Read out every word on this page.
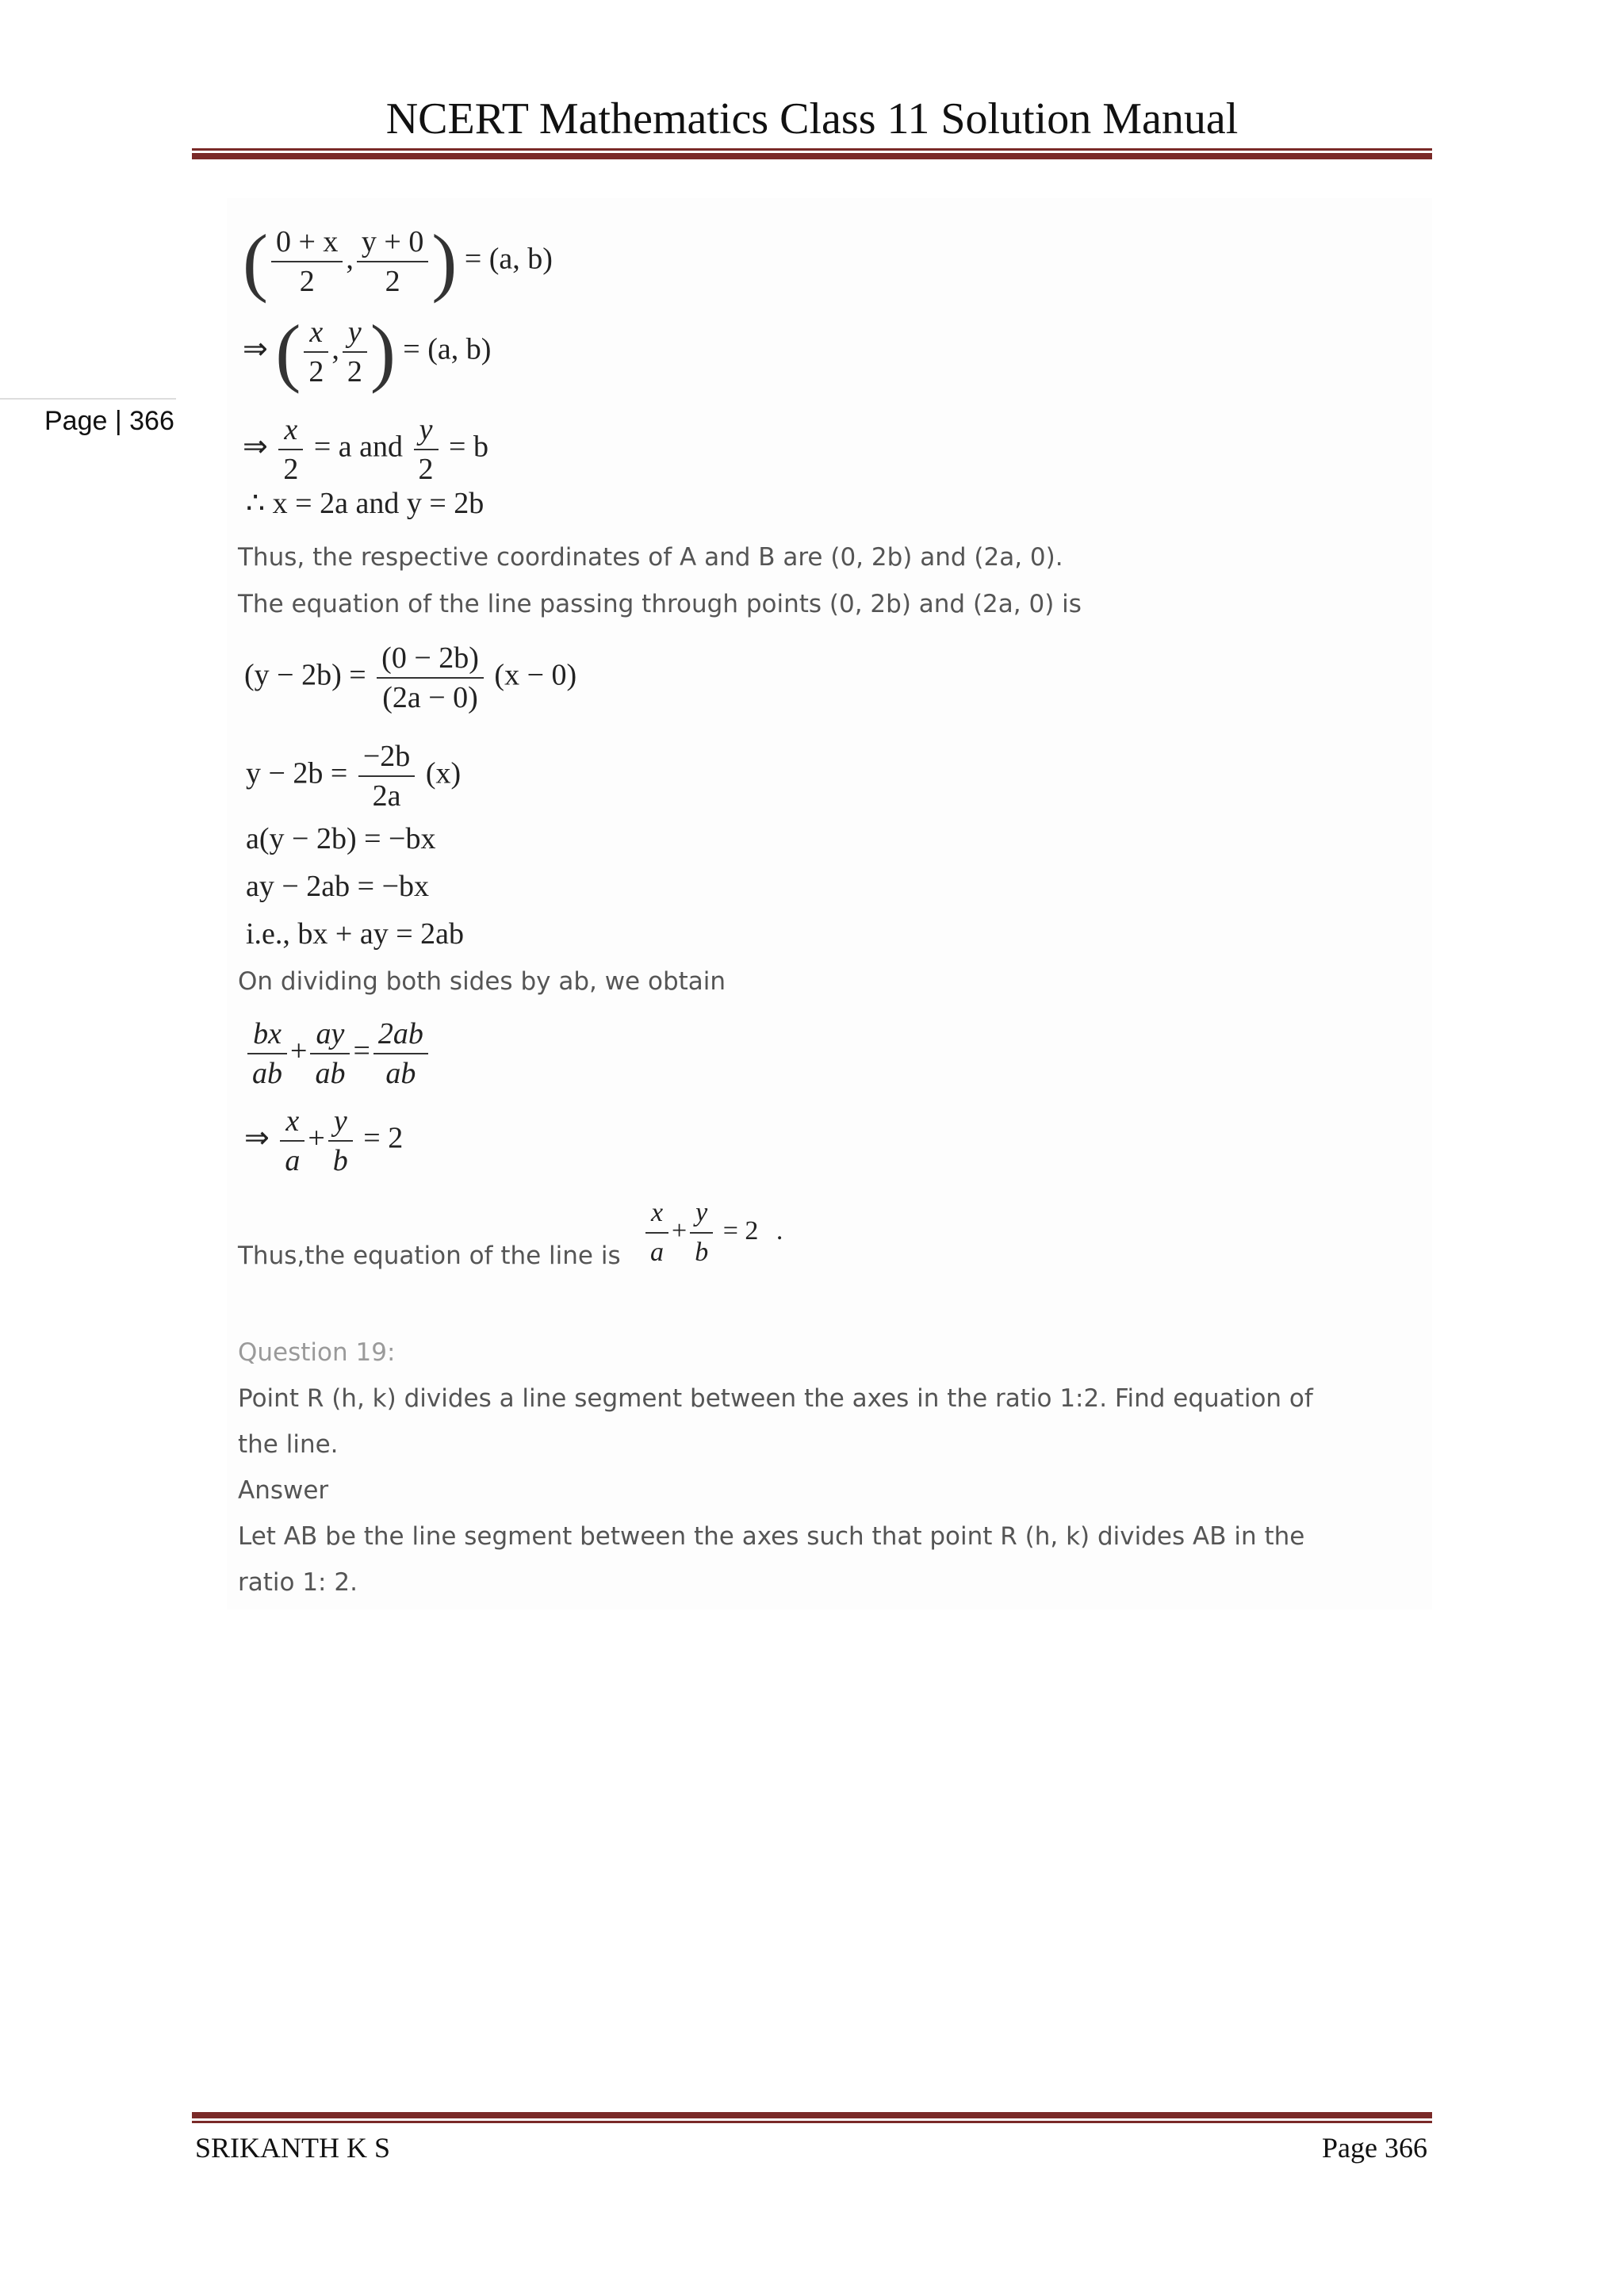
NCERT Mathematics Class 11 Solution Manual
Page | 366
( $\frac{0 + x}{2}$ , $\frac{y + 0}{2}$ ) = (a, b)
⇒ ( $\frac{x}{2}$ , $\frac{y}{2}$ ) = (a, b)
⇒ $\frac{x}{2} = a$ and $\frac{y}{2} = b$
∴ x = 2a and y = 2b
Thus, the respective coordinates of A and B are (0, 2b) and (2a, 0).
The equation of the line passing through points (0, 2b) and (2a, 0) is
$(y - 2b) = \frac{(0 - 2b)}{(2a - 0)} (x - 0)$
$y - 2b = \frac{-2b}{2a} (x)$
a(y − 2b) = −bx
ay − 2ab = −bx
i.e., bx + ay = 2ab
On dividing both sides by ab, we obtain
$\frac{bx}{ab} + \frac{ay}{ab} = \frac{2ab}{ab}$
⇒ $\frac{x}{a} + \frac{y}{b} = 2$
Thus,the equation of the line is $\frac{x}{a} + \frac{y}{b} = 2$ .
Question 19:
Point R (h, k) divides a line segment between the axes in the ratio 1:2. Find equation of
the line.
Answer
Let AB be the line segment between the axes such that point R (h, k) divides AB in the
ratio 1: 2.
SRIKANTH K S	Page 366
